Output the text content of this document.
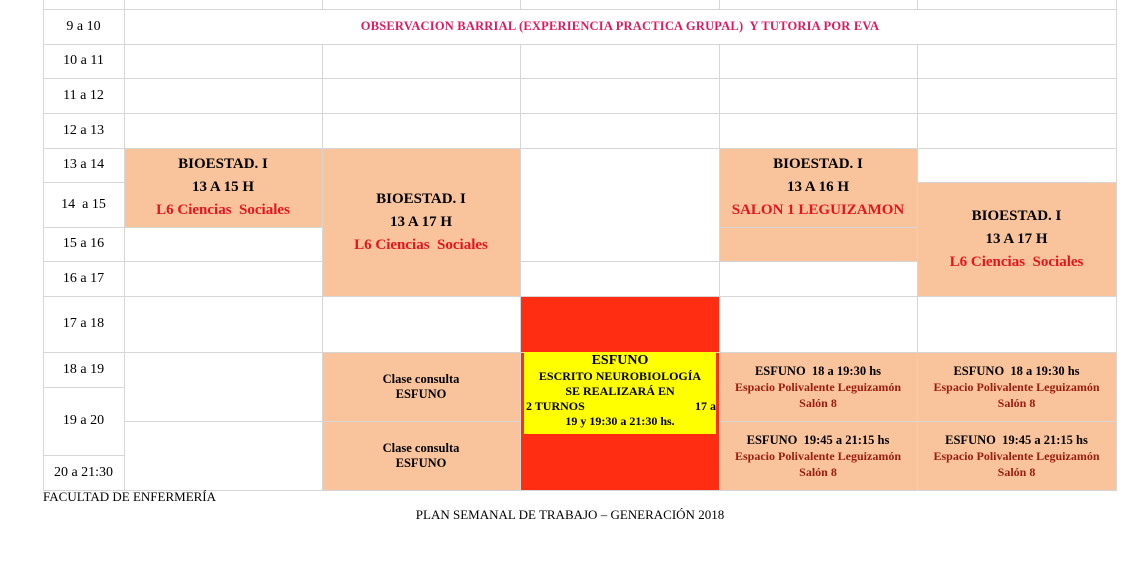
9 a 10
10 a 11
11 a 12
12 a 13
13 a 14
14  a 15
15 a 16
16 a 17
17 a 18
18 a 19
19 a 20
20 a 21:30
OBSERVACION BARRIAL (EXPERIENCIA PRACTICA GRUPAL)  Y TUTORIA POR EVA
BIOESTAD. I
13 A 15 H
L6 Ciencias  Sociales
BIOESTAD. I
13 A 17 H
L6 Ciencias  Sociales
BIOESTAD. I
13 A 16 H
SALON 1 LEGUIZAMON	BIOESTAD. I
13 A 17 H
L6 Ciencias  Sociales
Clase consulta
ESFUNO
Clase consulta
ESFUNO
ESFUNO
ESCRITO NEUROBIOLOGÍA
SE REALIZARÁ EN
2 TURNOS	17 a
19 y 19:30 a 21:30 hs.
ESFUNO  18 a 19:30 hs
Espacio Polivalente Leguizamón
Salón 8
ESFUNO  19:45 a 21:15 hs
Espacio Polivalente Leguizamón
Salón 8
ESFUNO  18 a 19:30 hs
Espacio Polivalente Leguizamón
Salón 8
ESFUNO  19:45 a 21:15 hs
Espacio Polivalente Leguizamón
Salón 8
FACULTAD DE ENFERMERÍA
PLAN SEMANAL DE TRABAJO – GENERACIÓN 2018
